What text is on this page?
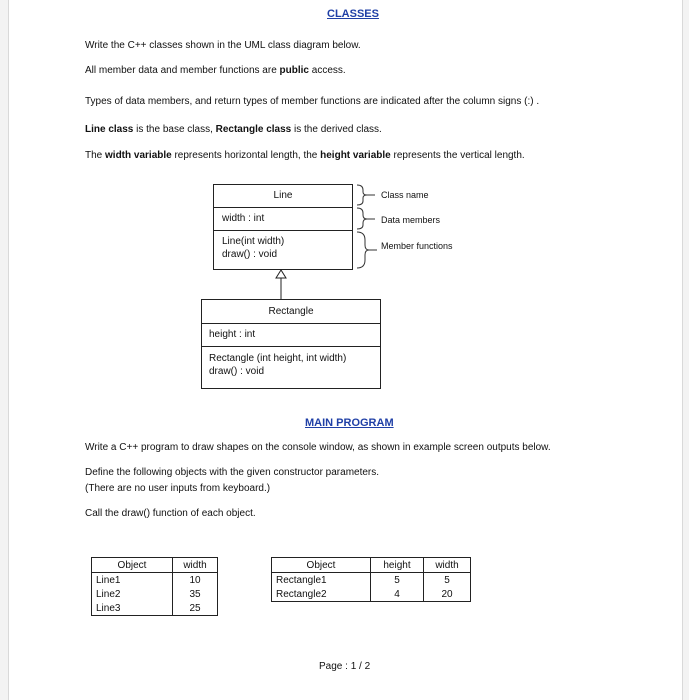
CLASSES
Write the C++ classes shown in the UML class diagram below.
All member data and member functions are public access.
Types of data members, and return types of member functions are indicated after the column signs (:) .
Line class is the base class, Rectangle class is the derived class.
The width variable represents horizontal length, the height variable represents the vertical length.
Line
width : int
Line(int width)
draw() : void
Class name
Data members
Member functions
Rectangle
height : int
Rectangle (int height, int width)
draw() : void
MAIN PROGRAM
Write a C++ program to draw shapes on the console window, as shown in example screen outputs below.
Define the following objects with the given constructor parameters.
(There are no user inputs from keyboard.)
Call the draw() function of each object.
Object	width
Line1	10
Line2	35
Line3	25
Object	height	width
Rectangle1	5	5
Rectangle2	4	20
Page : 1 / 2
